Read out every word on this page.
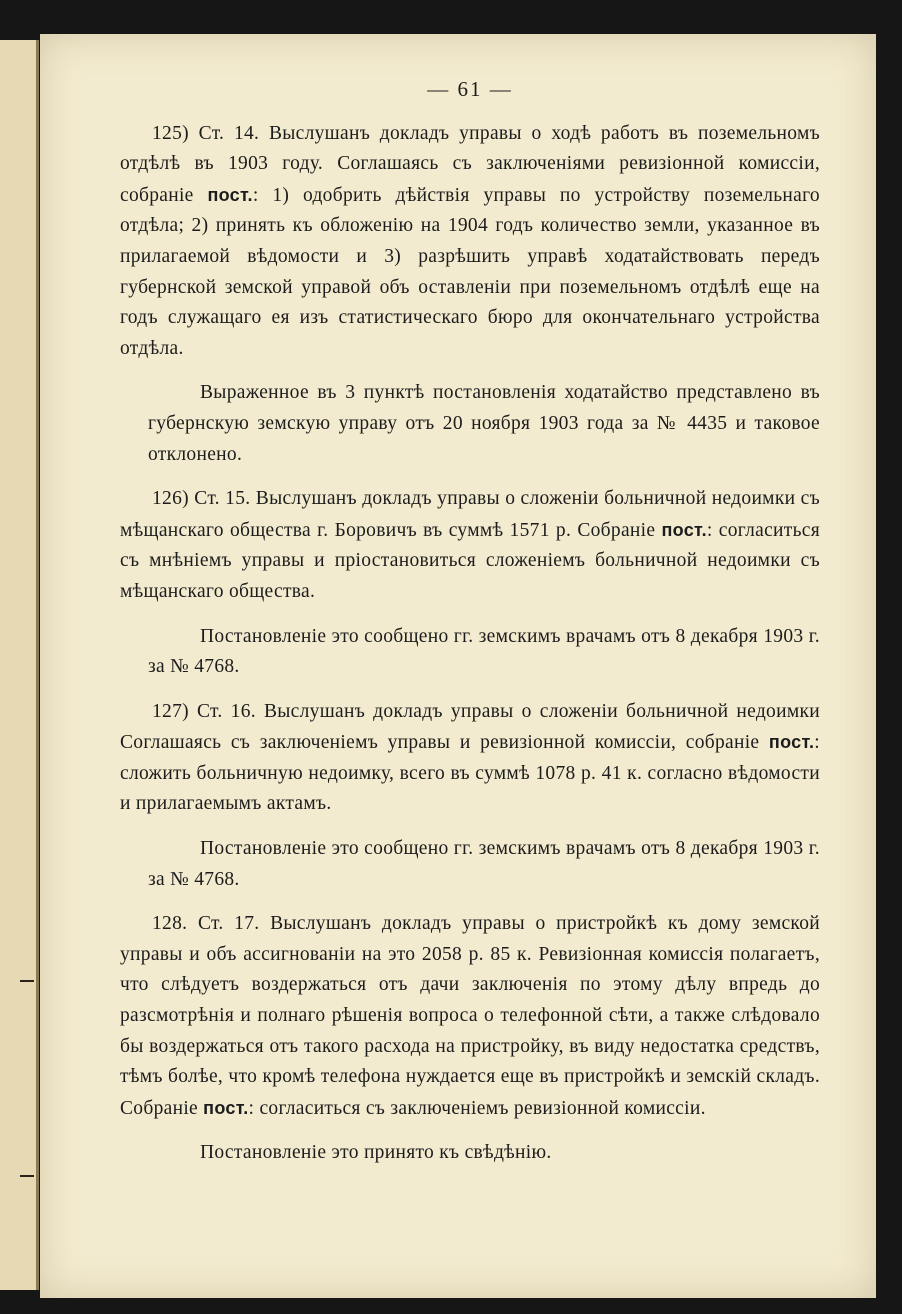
— 61 —

125) Ст. 14. Выслушанъ докладъ управы о ходѣ работъ въ поземельномъ отдѣлѣ въ 1903 году. Соглашаясь съ заключеніями ревизіонной комиссіи, собраніе пост.: 1) одобрить дѣйствія управы по устройству поземельнаго отдѣла; 2) принять къ обложенію на 1904 годъ количество земли, указанное въ прилагаемой вѣдомости и 3) разрѣшить управѣ ходатайствовать передъ губернской земской управой объ оставленіи при поземельномъ отдѣлѣ еще на годъ служащаго ея изъ статистическаго бюро для окончательнаго устройства отдѣла.

Выраженное въ 3 пунктѣ постановленія ходатайство представлено въ губернскую земскую управу отъ 20 ноября 1903 года за № 4435 и таковое отклонено.

126) Ст. 15. Выслушанъ докладъ управы о сложеніи больничной недоимки съ мѣщанскаго общества г. Боровичъ въ суммѣ 1571 р. Собраніе пост.: согласиться съ мнѣніемъ управы и пріостановиться сложеніемъ больничной недоимки съ мѣщанскаго общества.

Постановленіе это сообщено гг. земскимъ врачамъ отъ 8 декабря 1903 г. за № 4768.

127) Ст. 16. Выслушанъ докладъ управы о сложеніи больничной недоимки Соглашаясь съ заключеніемъ управы и ревизіонной комиссіи, собраніе пост.: сложить больничную недоимку, всего въ суммѣ 1078 р. 41 к. согласно вѣдомости и прилагаемымъ актамъ.

Постановленіе это сообщено гг. земскимъ врачамъ отъ 8 декабря 1903 г. за № 4768.

128. Ст. 17. Выслушанъ докладъ управы о пристройкѣ къ дому земской управы и объ ассигнованіи на это 2058 р. 85 к. Ревизіонная комиссія полагаетъ, что слѣдуетъ воздержаться отъ дачи заключенія по этому дѣлу впредь до разсмотрѣнія и полнаго рѣшенія вопроса о телефонной сѣти, а также слѣдовало бы воздержаться отъ такого расхода на пристройку, въ виду недостатка средствъ, тѣмъ болѣе, что кромѣ телефона нуждается еще въ пристройкѣ и земскій складъ. Собраніе пост.: согласиться съ заключеніемъ ревизіонной комиссіи.

Постановленіе это принято къ свѣдѣнію.
